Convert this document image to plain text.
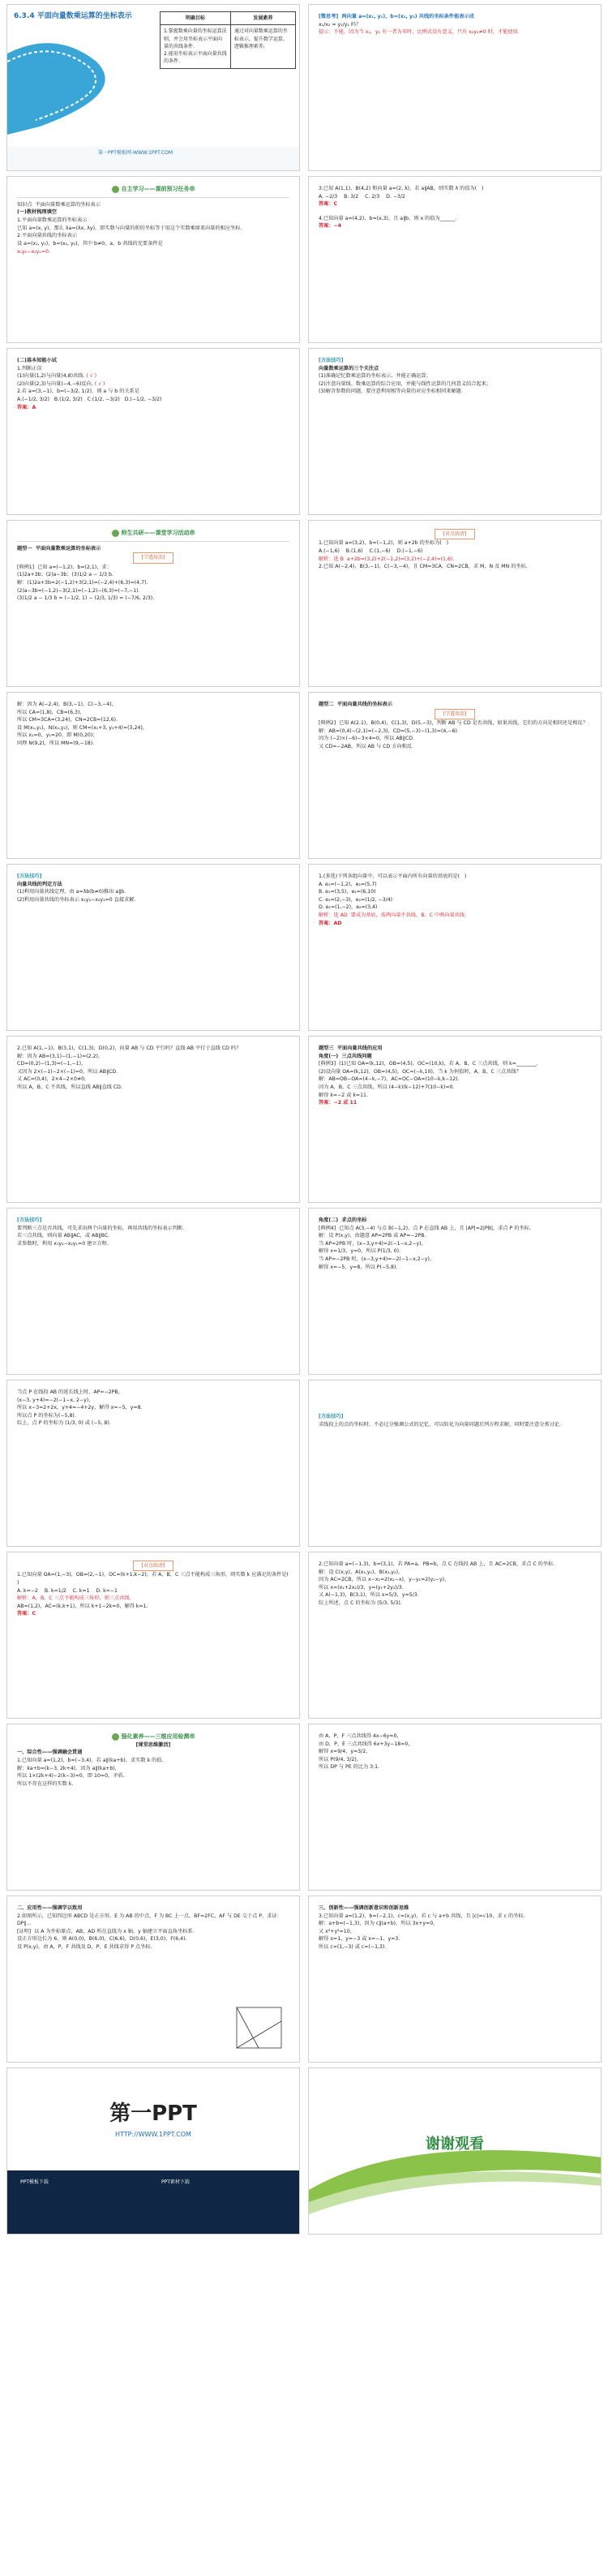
6.3.4 平面向量数乘运算的坐标表示	明确目标	发展素养

1.掌握数乘向量的坐标运算法则，并会用坐标表示平面向量的共线条件.
2.能用坐标表示平面向量共线的条件.	通过对向量数乘运算的坐标表示，提升数学运算、逻辑推理素养.
第一PPT模板网-WWW.1PPT.COM
[微思考]  两向量 a=(x₁, y₁)，b=(x₂, y₂) 共线的坐标条件能表示成
x₁/x₂ = y₁/y₂ 吗？
提示：不能，因为当 x₂，y₂ 有一者为零时，比例式没有意义，只有 x₂y₂≠0 时，才能使用.
自主学习——课前预习任务串
知识点  平面向量数乘运算的坐标表示
(一)教材梳理填空
1.平面向量数乘运算的坐标表示
已知 a=(x, y)，那么 λa=(λx, λy)，即实数与向量的积的坐标等于用这个实数乘原来向量的相应坐标.
2.平面向量共线的坐标表示
设 a=(x₁, y₁)，b=(x₂, y₂)，其中 b≠0，a，b 共线的充要条件是
x₁y₂−x₂y₁=0.
3.已知 A(1,1)，B(4,2) 和向量 a=(2, λ)，若 a∥AB，则实数 λ 的值为(   )
A. −2/3    B. 3/2    C. 2/3    D. −3/2
答案：C
4.已知向量 a=(4,2)，b=(x,3)，且 a∥b，则 x 的值为______.
答案：−4
(二)基本知能小试
1.判断正误
(1)向量(1,2)与向量(4,8)共线. ( √ )
(2)向量(2,3)与向量(−4,−6)反向. ( √ )
2.若 a=(3,−1)，b=(−3/2, 1/2)，则 a 与 b 的关系是
A.(−1/2, 3/2)   B.(1/2, 3/2)   C.(1/2, −3/2)   D.(−1/2, −3/2)
答案：A
[方法技巧]
向量数乘运算的三个关注点
(1)准确记忆数乘运算的坐标表示，并能正确运算；
(2)注意向量线、数乘运算的综合应用，并能与线性运算的几何意义结合起来；
(3)解含参数的问题，要注意利用相等向量的对应坐标相同来解题.
师生共研——课堂学习活动串
题型一  平面向量数乘运算的坐标表示
[学透用活]
[典例1]  已知 a=(−1,2)，b=(2,1)，求：
(1)2a+3b；(2)a−3b；(3)1/2 a − 1/3 b.
解：(1)2a+3b=2(−1,2)+3(2,1)=(−2,4)+(6,3)=(4,7).
(2)a−3b=(−1,2)−3(2,1)=(−1,2)−(6,3)=(−7,−1).
(3)1/2 a − 1/3 b = (−1/2, 1) − (2/3, 1/3) = (−7/6, 2/3).
[对点练清]
1.已知向量 a=(3,2)，b=(−1,2)，则 a+2b 的坐标为(   )
A.(−1,6)    B.(1,6)    C.(1,−6)    D.(−1,−6)
解析：选 B  a+2b=(3,2)+2(−1,2)=(3,2)+(−2,4)=(1,6).
2.已知 A(−2,4)，B(3,−1)，C(−3,−4)，且 CM=3CA，CN=2CB，求 M，N 及 MN 的坐标.
解：因为 A(−2,4)，B(3,−1)，C(−3,−4)，
所以 CA=(1,8)，CB=(6,3)，
所以 CM=3CA=(3,24)，CN=2CB=(12,6).
设 M(x₁,y₁)，N(x₂,y₂)，则 CM=(x₁+3, y₁+4)=(3,24)，
所以 x₁=0，y₁=20，即 M(0,20)；
同理 N(9,2)，所以 MN=(9,−18).
题型二  平面向量共线的坐标表示
[学透用活]
[典例2]  已知 A(2,1)，B(0,4)，C(1,3)，D(5,−3)，判断 AB 与 CD 是否共线，如果共线，它们的方向是相同还是相反？
解：AB=(0,4)−(2,1)=(−2,3)，CD=(5,−3)−(1,3)=(4,−6).
因为 (−2)×(−6)−3×4=0，所以 AB∥CD.
又 CD=−2AB，所以 AB 与 CD 方向相反.
[方法技巧]
向量共线的判定方法
(1)利用向量共线定理，由 a=λb(b≠0)推出 a∥b.
(2)利用向量共线的坐标表示 x₁y₂−x₂y₁=0 直接求解.
1.(多选)下列各组向量中，可以表示平面内所有向量的基底的是(   )
A. e₁=(−1,2)，e₂=(5,7)
B. e₁=(3,5)，e₂=(6,10)
C. e₁=(2,−3)，e₂=(1/2, −3/4)
D. e₁=(1,−2)，e₂=(3,4)
解析：选 AD  要成为基底，需两向量不共线，B、C 中两向量共线.
答案：AD
2.已知 A(1,−1)，B(3,1)，C(1,3)，D(0,2)，向量 AB 与 CD 平行吗？直线 AB 平行于直线 CD 吗？
解：因为 AB=(3,1)−(1,−1)=(2,2)，
CD=(0,2)−(1,3)=(−1,−1)，
又因为 2×(−1)−2×(−1)=0，所以 AB∥CD.
又 AC=(0,4)，2×4−2×0≠0，
所以 A，B，C 不共线，所以直线 AB∥直线 CD.
题型三  平面向量共线的应用
角度(一)  三点共线问题
[典例3]  (1)已知 OA=(k,12)，OB=(4,5)，OC=(10,k)，若 A，B，C 三点共线，则 k=________.
(2)设向量 OA=(k,12)，OB=(4,5)，OC=(−k,10)，当 k 为何值时，A，B，C 三点共线？
解：AB=OB−OA=(4−k,−7)，AC=OC−OA=(10−k,k−12).
因为 A，B，C 三点共线，所以 (4−k)(k−12)+7(10−k)=0.
解得 k=−2 或 k=11.
答案：−2 或 11
[方法技巧]
要判断三点是否共线，可先求出两个向量的坐标，再用共线的坐标表示判断.
若三点共线，则向量 AB∥AC，或 AB∥BC.
求参数时，利用 x₁y₂−x₂y₁=0 建立方程.
角度(二)  求点的坐标
[典例4]  已知点 A(3,−4) 与点 B(−1,2)，点 P 在直线 AB 上，且 |AP|=2|PB|，求点 P 的坐标.
解：设 P(x,y)，由题意 AP=2PB 或 AP=−2PB.
当 AP=2PB 时，(x−3,y+4)=2(−1−x,2−y)，
解得 x=1/3，y=0，所以 P(1/3, 0).
当 AP=−2PB 时，(x−3,y+4)=−2(−1−x,2−y)，
解得 x=−5，y=8，所以 P(−5,8).
当点 P 在线段 AB 的延长线上时，AP=−2PB，
(x−3, y+4)=−2(−1−x, 2−y)，
所以 x−3=2+2x，y+4=−4+2y，解得 x=−5，y=8.
所以点 P 的坐标为(−5,8).
综上，点 P 的坐标为 (1/3, 0) 或 (−5, 8).
[方法技巧]
求线段上的点的坐标时，不必过分强调公式的记忆，可以转化为向量问题后列方程求解，同时要注意分类讨论.
[对点练清]
1.已知向量 OA=(1,−3)，OB=(2,−1)，OC=(k+1,k−2)，若 A，B，C 三点不能构成三角形，则实数 k 应满足的条件是(   )
A. k=−2    B. k=1/2    C. k=1    D. k=−1
解析：A，B，C 三点不能构成三角形，则三点共线.
AB=(1,2)，AC=(k,k+1)，所以 k+1−2k=0，解得 k=1.
答案：C
2.已知向量 a=(−1,3)，b=(3,1)，若 PA=a，PB=b，点 C 在线段 AB 上，且 AC=2CB，求点 C 的坐标.
解：设 C(x,y)，A(x₁,y₁)，B(x₂,y₂)，
因为 AC=2CB，所以 x−x₁=2(x₂−x)，y−y₁=2(y₂−y)，
所以 x=(x₁+2x₂)/3，y=(y₁+2y₂)/3.
又 A(−1,3)，B(3,1)，所以 x=5/3，y=5/3.
综上所述，点 C 的坐标为 (5/3, 5/3).
强化素养——三维应用检测串
[课堂思维激活]
一、综合性——强调融会贯通
1.已知向量 a=(1,2)，b=(−3,4)，若 a∥(ka+b)，求实数 k 的值.
解：ka+b=(k−3, 2k+4)，因为 a∥(ka+b)，
所以 1×(2k+4)−2(k−3)=0，即 10=0，矛盾.
所以不存在这样的实数 k.
由 A，P，F 三点共线得 4x−6y=0，
由 D，P，E 三点共线得 6x+3y−18=0，
解得 x=9/4，y=3/2，
所以 P(9/4, 3/2)，
所以 DP 与 PE 的比为 3:1.
二、应用性——强调学以致用
2.如图所示，已知四边形 ABCD 是正方形，E 为 AB 的中点，F 为 BC 上一点，BF=2FC，AF 与 DE 交于点 P，求证：DP∥...
[证明]  以 A 为坐标原点，AB，AD 所在直线为 x 轴，y 轴建立平面直角坐标系.
设正方形边长为 6，则 A(0,0)，B(6,0)，C(6,6)，D(0,6)，E(3,0)，F(6,4).
设 P(x,y)，由 A，P，F 共线及 D，P，E 共线求得 P 点坐标.
三、创新性——强调创新意识和创新思维
3.已知向量 a=(1,2)，b=(−2,1)，c=(x,y)，若 c 与 a+b 共线，且 |c|=√10，求 c 的坐标.
解：a+b=(−1,3)，因为 c∥(a+b)，所以 3x+y=0，
又 x²+y²=10，
解得 x=1，y=−3 或 x=−1，y=3.
所以 c=(1,−3) 或 c=(−1,3).
谢谢观看
第一PPT
HTTP://WWW.1PPT.COM
PPT模板下载	PPT素材下载
